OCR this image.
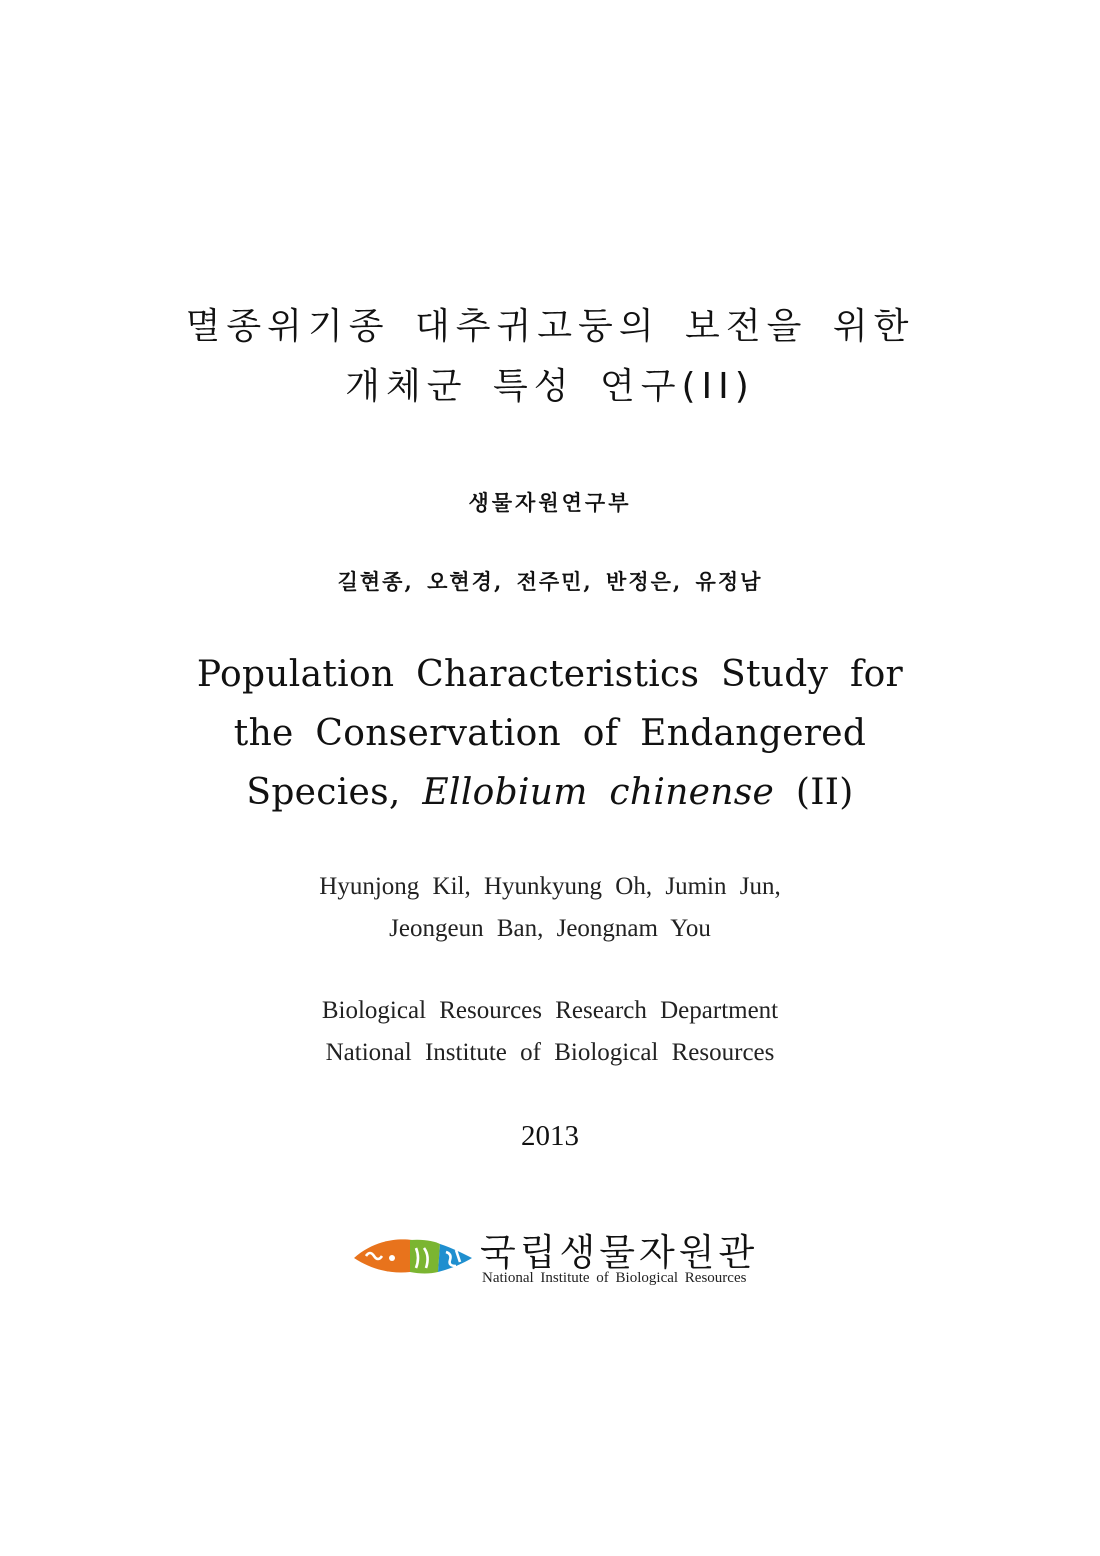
멸종위기종 대추귀고둥의 보전을 위한
개체군 특성 연구(II)
생물자원연구부
길현종, 오현경, 전주민, 반정은, 유정남
Population Characteristics Study for
the Conservation of Endangered
Species, Ellobium chinense (II)
Hyunjong Kil, Hyunkyung Oh, Jumin Jun,
Jeongeun Ban, Jeongnam You
Biological Resources Research Department
National Institute of Biological Resources
2013
국립생물자원관
National Institute of Biological Resources
